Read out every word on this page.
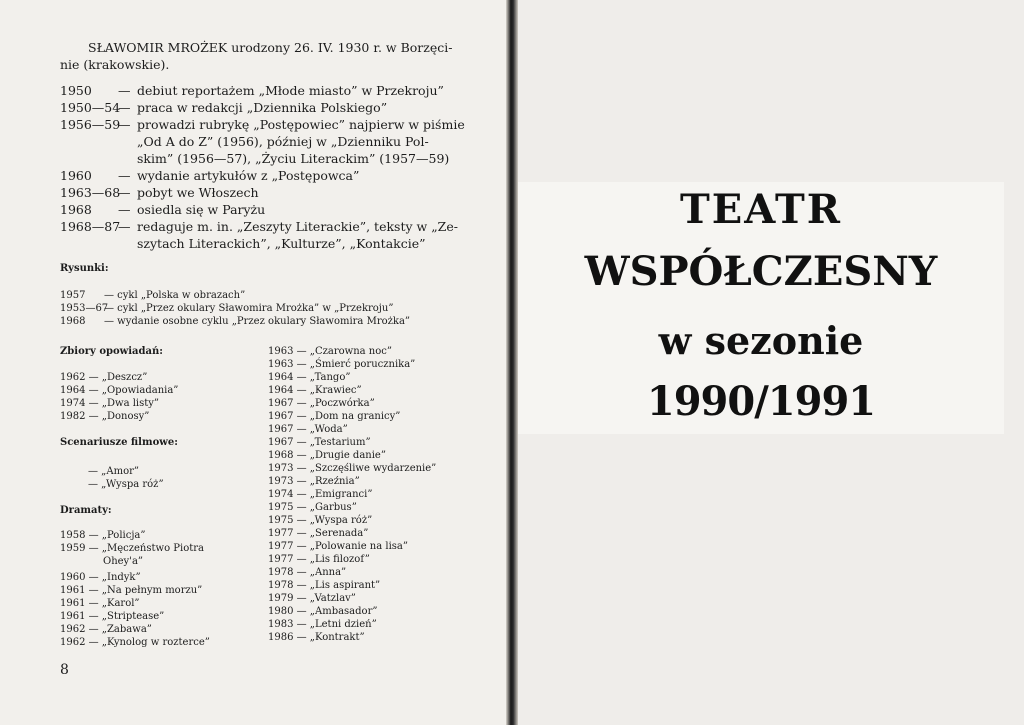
SŁAWOMIR MROŻEK urodzony 26. IV. 1930 r. w Borzęci-
nie (krakowskie).
1950 — debiut reportażem „Młode miasto” w Przekroju”
1950—54
— praca w redakcji „Dziennika Polskiego”
1956—59
— prowadzi rubrykę „Postępowiec” najpierw w piśmie
„Od A do Z” (1956), później w „Dzienniku Pol-
skim” (1956—57), „Życiu Literackim” (1957—59)
1960 — wydanie artykułów z „Postępowca”
1963—68
— pobyt we Włoszech
1968 — osiedla się w Paryżu
1968—87
— redaguje m. in. „Zeszyty Literackie”, teksty w „Ze-
szytach Literackich”, „Kulturze”, „Kontakcie”
Rysunki:
1957 — cykl „Polska w obrazach”
1953—67
— cykl „Przez okulary Sławomira Mrożka” w „Przekroju”
1968 — wydanie osobne cyklu „Przez okulary Sławomira Mrożka”
Zbiory opowiadań:
1962 — „Deszcz”
1964 — „Opowiadania”
1974 — „Dwa listy”
1982 — „Donosy”
Scenariusze filmowe:
— „Amor”
— „Wyspa róż”
Dramaty:
1958 — „Policja”
1959 — „Męczeństwo Piotra
Ohey'a”
1960 — „Indyk”
1961 — „Na pełnym morzu”
1961 — „Karol”
1961 — „Striptease”
1962 — „Zabawa”
1962 — „Kynolog w rozterce”
1963 — „Czarowna noc”
1963 — „Śmierć porucznika”
1964 — „Tango”
1964 — „Krawiec”
1967 — „Poczwórka”
1967 — „Dom na granicy”
1967 — „Woda”
1967 — „Testarium”
1968 — „Drugie danie”
1973 — „Szczęśliwe wydarzenie”
1973 — „Rzeźnia”
1974 — „Emigranci”
1975 — „Garbus”
1975 — „Wyspa róż”
1977 — „Serenada”
1977 — „Polowanie na lisa”
1977 — „Lis filozof”
1978 — „Anna”
1978 — „Lis aspirant”
1979 — „Vatzlav”
1980 — „Ambasador”
1983 — „Letni dzień”
1986 — „Kontrakt”
8
TEATR
WSPÓŁCZESNY
w sezonie
1990/1991
